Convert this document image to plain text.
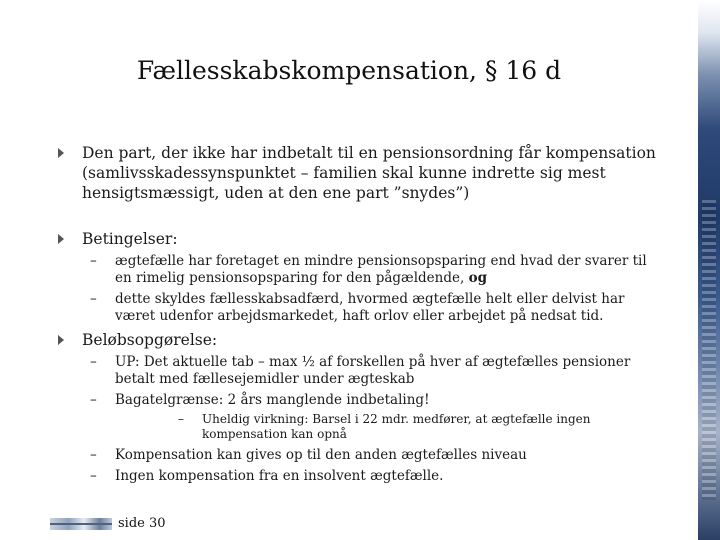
Fællesskabskompensation, § 16 d
Den part, der ikke har indbetalt til en pensionsordning får kompensation (samlivsskadessynspunktet – familien skal kunne indrette sig mest hensigtsmæssigt, uden at den ene part ”snydes”)
Betingelser:
– ægtefælle har foretaget en mindre pensionsopsparing end hvad der svarer til en rimelig pensionsopsparing for den pågældende, og
– dette skyldes fællesskabsadfærd, hvormed ægtefælle helt eller delvist har været udenfor arbejdsmarkedet, haft orlov eller arbejdet på nedsat tid.
Beløbsopgørelse:
– UP: Det aktuelle tab – max ½ af forskellen på hver af ægtefælles pensioner betalt med fællesejemidler under ægteskab
– Bagatelgrænse: 2 års manglende indbetaling!
– Uheldig virkning: Barsel i 22 mdr. medfører, at ægtefælle ingen kompensation kan opnå
– Kompensation kan gives op til den anden ægtefælles niveau
– Ingen kompensation fra en insolvent ægtefælle.
side 30
